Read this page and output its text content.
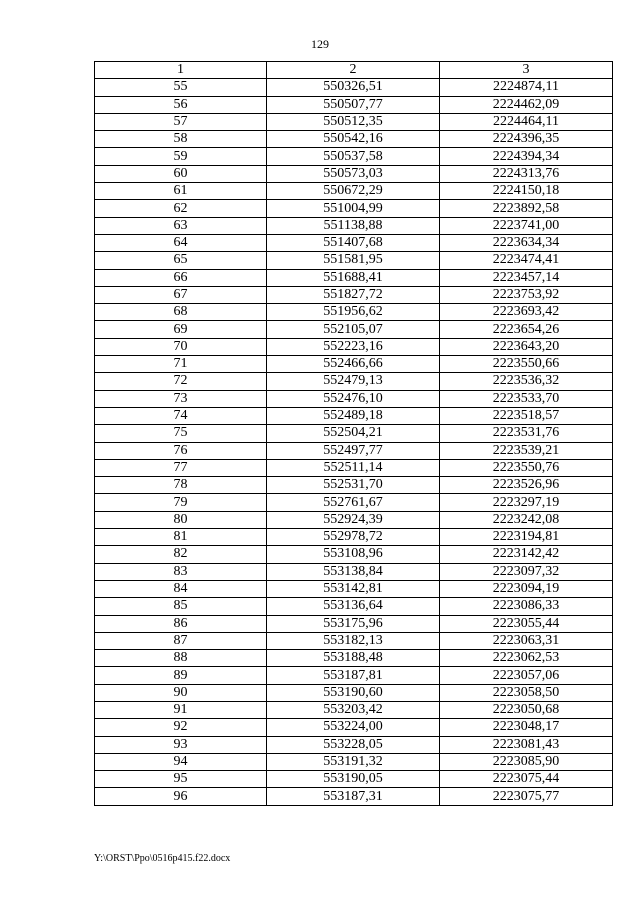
129
1	2	3
55	550326,51	2224874,11
56	550507,77	2224462,09
57	550512,35	2224464,11
58	550542,16	2224396,35
59	550537,58	2224394,34
60	550573,03	2224313,76
61	550672,29	2224150,18
62	551004,99	2223892,58
63	551138,88	2223741,00
64	551407,68	2223634,34
65	551581,95	2223474,41
66	551688,41	2223457,14
67	551827,72	2223753,92
68	551956,62	2223693,42
69	552105,07	2223654,26
70	552223,16	2223643,20
71	552466,66	2223550,66
72	552479,13	2223536,32
73	552476,10	2223533,70
74	552489,18	2223518,57
75	552504,21	2223531,76
76	552497,77	2223539,21
77	552511,14	2223550,76
78	552531,70	2223526,96
79	552761,67	2223297,19
80	552924,39	2223242,08
81	552978,72	2223194,81
82	553108,96	2223142,42
83	553138,84	2223097,32
84	553142,81	2223094,19
85	553136,64	2223086,33
86	553175,96	2223055,44
87	553182,13	2223063,31
88	553188,48	2223062,53
89	553187,81	2223057,06
90	553190,60	2223058,50
91	553203,42	2223050,68
92	553224,00	2223048,17
93	553228,05	2223081,43
94	553191,32	2223085,90
95	553190,05	2223075,44
96	553187,31	2223075,77
Y:\ORST\Ppo\0516p415.f22.docx
